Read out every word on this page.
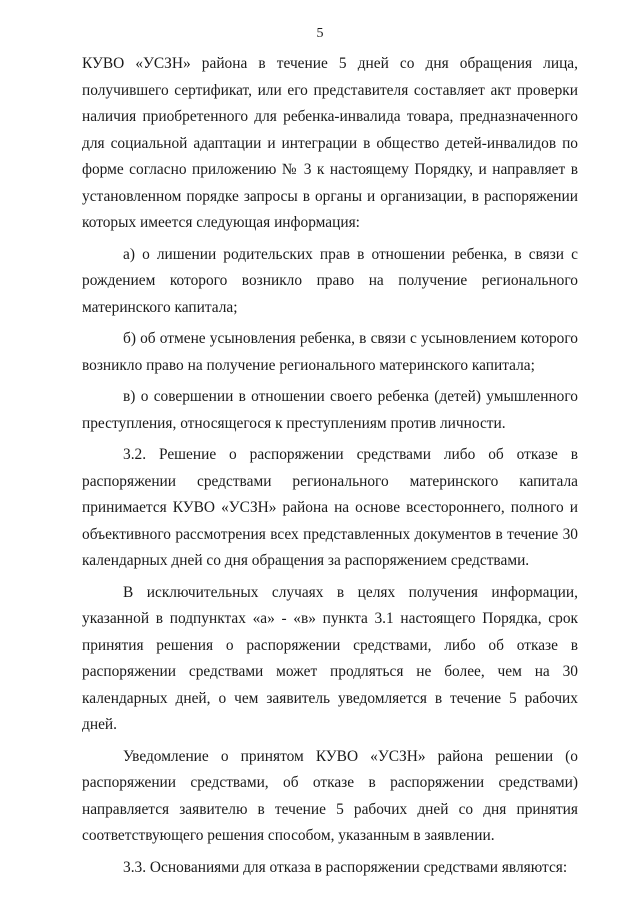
5

КУВО «УСЗН» района в течение 5 дней со дня обращения лица, получившего сертификат, или его представителя составляет акт проверки наличия приобретенного для ребенка-инвалида товара, предназначенного для социальной адаптации и интеграции в общество детей-инвалидов по форме согласно приложению № 3 к настоящему Порядку, и направляет в установленном порядке запросы в органы и организации, в распоряжении которых имеется следующая информация:

а) о лишении родительских прав в отношении ребенка, в связи с рождением которого возникло право на получение регионального материнского капитала;

б) об отмене усыновления ребенка, в связи с усыновлением которого возникло право на получение регионального материнского капитала;

в) о совершении в отношении своего ребенка (детей) умышленного преступления, относящегося к преступлениям против личности.

3.2. Решение о распоряжении средствами либо об отказе в распоряжении средствами регионального материнского капитала принимается КУВО «УСЗН» района на основе всестороннего, полного и объективного рассмотрения всех представленных документов в течение 30 календарных дней со дня обращения за распоряжением средствами.

В исключительных случаях в целях получения информации, указанной в подпунктах «а» - «в» пункта 3.1 настоящего Порядка, срок принятия решения о распоряжении средствами, либо об отказе в распоряжении средствами может продляться не более, чем на 30 календарных дней, о чем заявитель уведомляется в течение 5 рабочих дней.

Уведомление о принятом КУВО «УСЗН» района решении (о распоряжении средствами, об отказе в распоряжении средствами) направляется заявителю в течение 5 рабочих дней со дня принятия соответствующего решения способом, указанным в заявлении.

3.3. Основаниями для отказа в распоряжении средствами являются:
